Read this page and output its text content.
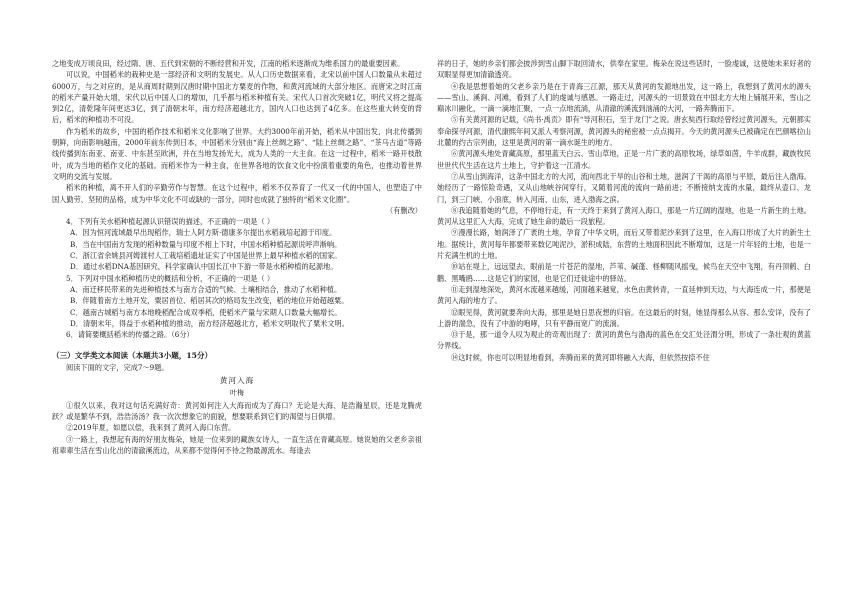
之地变成万顷良田，经过隋、唐、五代到宋朝的不断经营和开发，江南的稻米逐渐成为维系国力的最重要因素。

可以说，中国稻米的栽种史是一部经济和文明的发展史。从人口历史数据来看，北宋以前中国人口数量从未超过6000万，与之对应的，是从商周时期到汉唐时期中国北方粟麦的作物，和黄河流域的大部分地区。而唐宋之时江南的稻米产量开始大增，宋代以后中国人口的增加，几乎都与稻米种植有关。宋代人口首次突破1亿，明代又将之提高到2亿，清乾隆年间更达3亿，到了清朝末年，南方经济超越北方，国内人口也达到了4亿多。在这些重大转变的背后，稻米的种植功不可没。

作为稻米的故乡，中国的稻作技术和稻米文化影响了世界。大约3000年前开始，稻米从中国出发，向北传播到朝鲜，向南影响越南，2000年前东传到日本，中国稻米分别由“海上丝绸之路”、“陆上丝绸之路”、“茶马古道”等路线传播到东南亚、南亚、中东甚至欧洲，并在当地发扬光大，成为人类的一大主食。在这一过程中，稻米一路开枝散叶，成为当地的稻作文化的基础。而稻米作为一种主食，在世界各地的饮食文化中扮演着重要的角色，也推动着世界文明的交流与发展。

稻米的种植，离不开人们的辛勤劳作与智慧。在这个过程中，稻米不仅养育了一代又一代的中国人，也塑造了中国人勤劳、坚韧的品格，成为中华文化不可或缺的一部分，同时也成就了独特的“稻米文化圈”。

（有删改）

4．下列有关水稻种植起源认识错误的描述，不正确的一项是（ ）

A．因为恒河流域最早出现稻作，瑞士人阿方斯·德康多尔提出水稻栽培起源于印度。

B．当在中国南方发现的稻种数量与印度不相上下时，中国水稻种植起源说呼声渐响。

C．浙江省余姚县河姆渡村人工栽培稻遗址证实了中国是世界上最早种植水稻的国家。

D．通过水稻DNA基因研究，科学家确认中国长江中下游一带是水稻种植的起源地。

5．下列对中国水稻种植历史的概括和分析，不正确的一项是（ ）

A．南迁移民带来的先进种植技术与南方合适的气候、土壤相结合，推动了水稻种植。

B．伴随着南方土地开发，粟居首位、稻居其次的格局发生改变，稻的地位开始超越粟。

C．越南古城稻与南方本地晚稻配合成双季稻，使稻米产量与宋期人口数量大幅增长。

D．清朝末年，得益于水稻种植的推动，南方经济超越北方，稻米文明取代了粟米文明。

6．请简要概括稻米的传播之路。（6分）

（三）文学类文本阅读（本题共3小题，15分）

阅读下面的文字，完成7～9题。

黄河入海

叶梅

①很久以来，我对这句话充满好奇：黄河如何注入大海而成为了海口？无论是大海、是浩瀚星辰，还是龙腾虎跃？或是繁华不到，浩浩汤汤？我一次次想象它的面貌，想要联系到它们的渴望与日俱增。

②2019年夏，如愿以偿，我来到了黄河入海口东营。

③一路上，我想起有海的好朋友梅朵，她是一位来到的藏族女诗人，一直生活在青藏高原。她说她的父老乡亲祖祖辈辈生活在雪山化出的清澈溪流边，从来都不觉得何不待之物最源流水。每逢去

祥的日子，她的乡亲们都会披涉到雪山脚下取回清水，供奉在家里。梅朵在说这些话时，一脸虔诚，这使她未来好者的双眼显得更加清澈透亮。

④我是思想着她的父老乡亲乃是在于青海三江源，那天从黄河的发源地出发，这一路上，我想到了黄河水的源头——雪山、溪涧、河滩，看到了人们的虔诚与感恩。一路走过，河源头的一切景致在中国北方大地上铺展开来，雪山之巅冰川融化，一滴一滴地汇聚，一点一点地流淌，从清澈的溪流到汹涌的大河，一路奔腾而下。

⑤有关黄河源的记载，《尚书·禹贡》即有“导河积石，至于龙门”之说。唐玄奘西行取经曾经过黄河源头，元朝都实奉命探寻河源，清代康熙年间又派人考察河源，黄河源头的秘密被一点点揭开。今天的黄河源头已被确定在巴颜喀拉山北麓的约古宗列曲，这里是黄河的第一滴水诞生的地方。

⑥黄河源头地处青藏高原，那里蓝天白云、雪山草地，正是一片广袤的高原牧场，绿草如茵，牛羊成群，藏族牧民世世代代生活在这片土地上，守护着这一江清水。

⑦从雪山到海洋，这条中国北方的大河，流向西北干旱的山谷和土地，滋润了干渴的高原与平原，最后注入渤海。她经历了一路惊险奇遇，又从山地峡谷间穿行，又随着河流的流向一路前进；不断接纳支流的水量，最终从壶口、龙门，到三门峡、小浪底，转入河南、山东，进入渤海之滨。

⑧我追随着她的气息，不停地行走，有一天终于来到了黄河入海口，那是一片辽阔的湿地，也是一片新生的土地。黄河从这里汇入大海，完成了她生命的最后一段旅程。

⑨漫漫长路，她润泽了广袤的土地，孕育了中华文明，而后又带着泥沙来到了这里，在入海口形成了大片的新生土地。据统计，黄河每年都要带来数亿吨泥沙，淤积成陆，东营的土地面积因此不断增加，这是一片年轻的土地，也是一片充满生机的土地。

⑩站在堤上，远远望去，眼前是一片苍茫的湿地，芦苇、碱蓬、柽柳随风摇曳，候鸟在天空中飞翔，有丹顶鹤、白鹳、黑嘴鸥……这是它们的家园，也是它们迁徙途中的驿站。

⑪走到湿地深处，黄河水流越来越缓，河面越来越宽，水色由黄转青，一直延伸到天边，与大海连成一片，那便是黄河入海的地方了。

⑫眼见得，黄河就要奔向大海，那里是她日思夜想的归宿。在这最后的时刻，她显得那么从容、那么安详，没有了上游的湍急，没有了中游的咆哮，只有平静而宽广的流淌。

⑬于是，那一道令人叹为观止的奇观出现了：黄河的黄色与渤海的蓝色在交汇处泾渭分明，形成了一条壮观的黄蓝分界线。

⑭这时候，你也可以明显地看到，奔腾而来的黄河即将融入大海，但依然按捺不住
